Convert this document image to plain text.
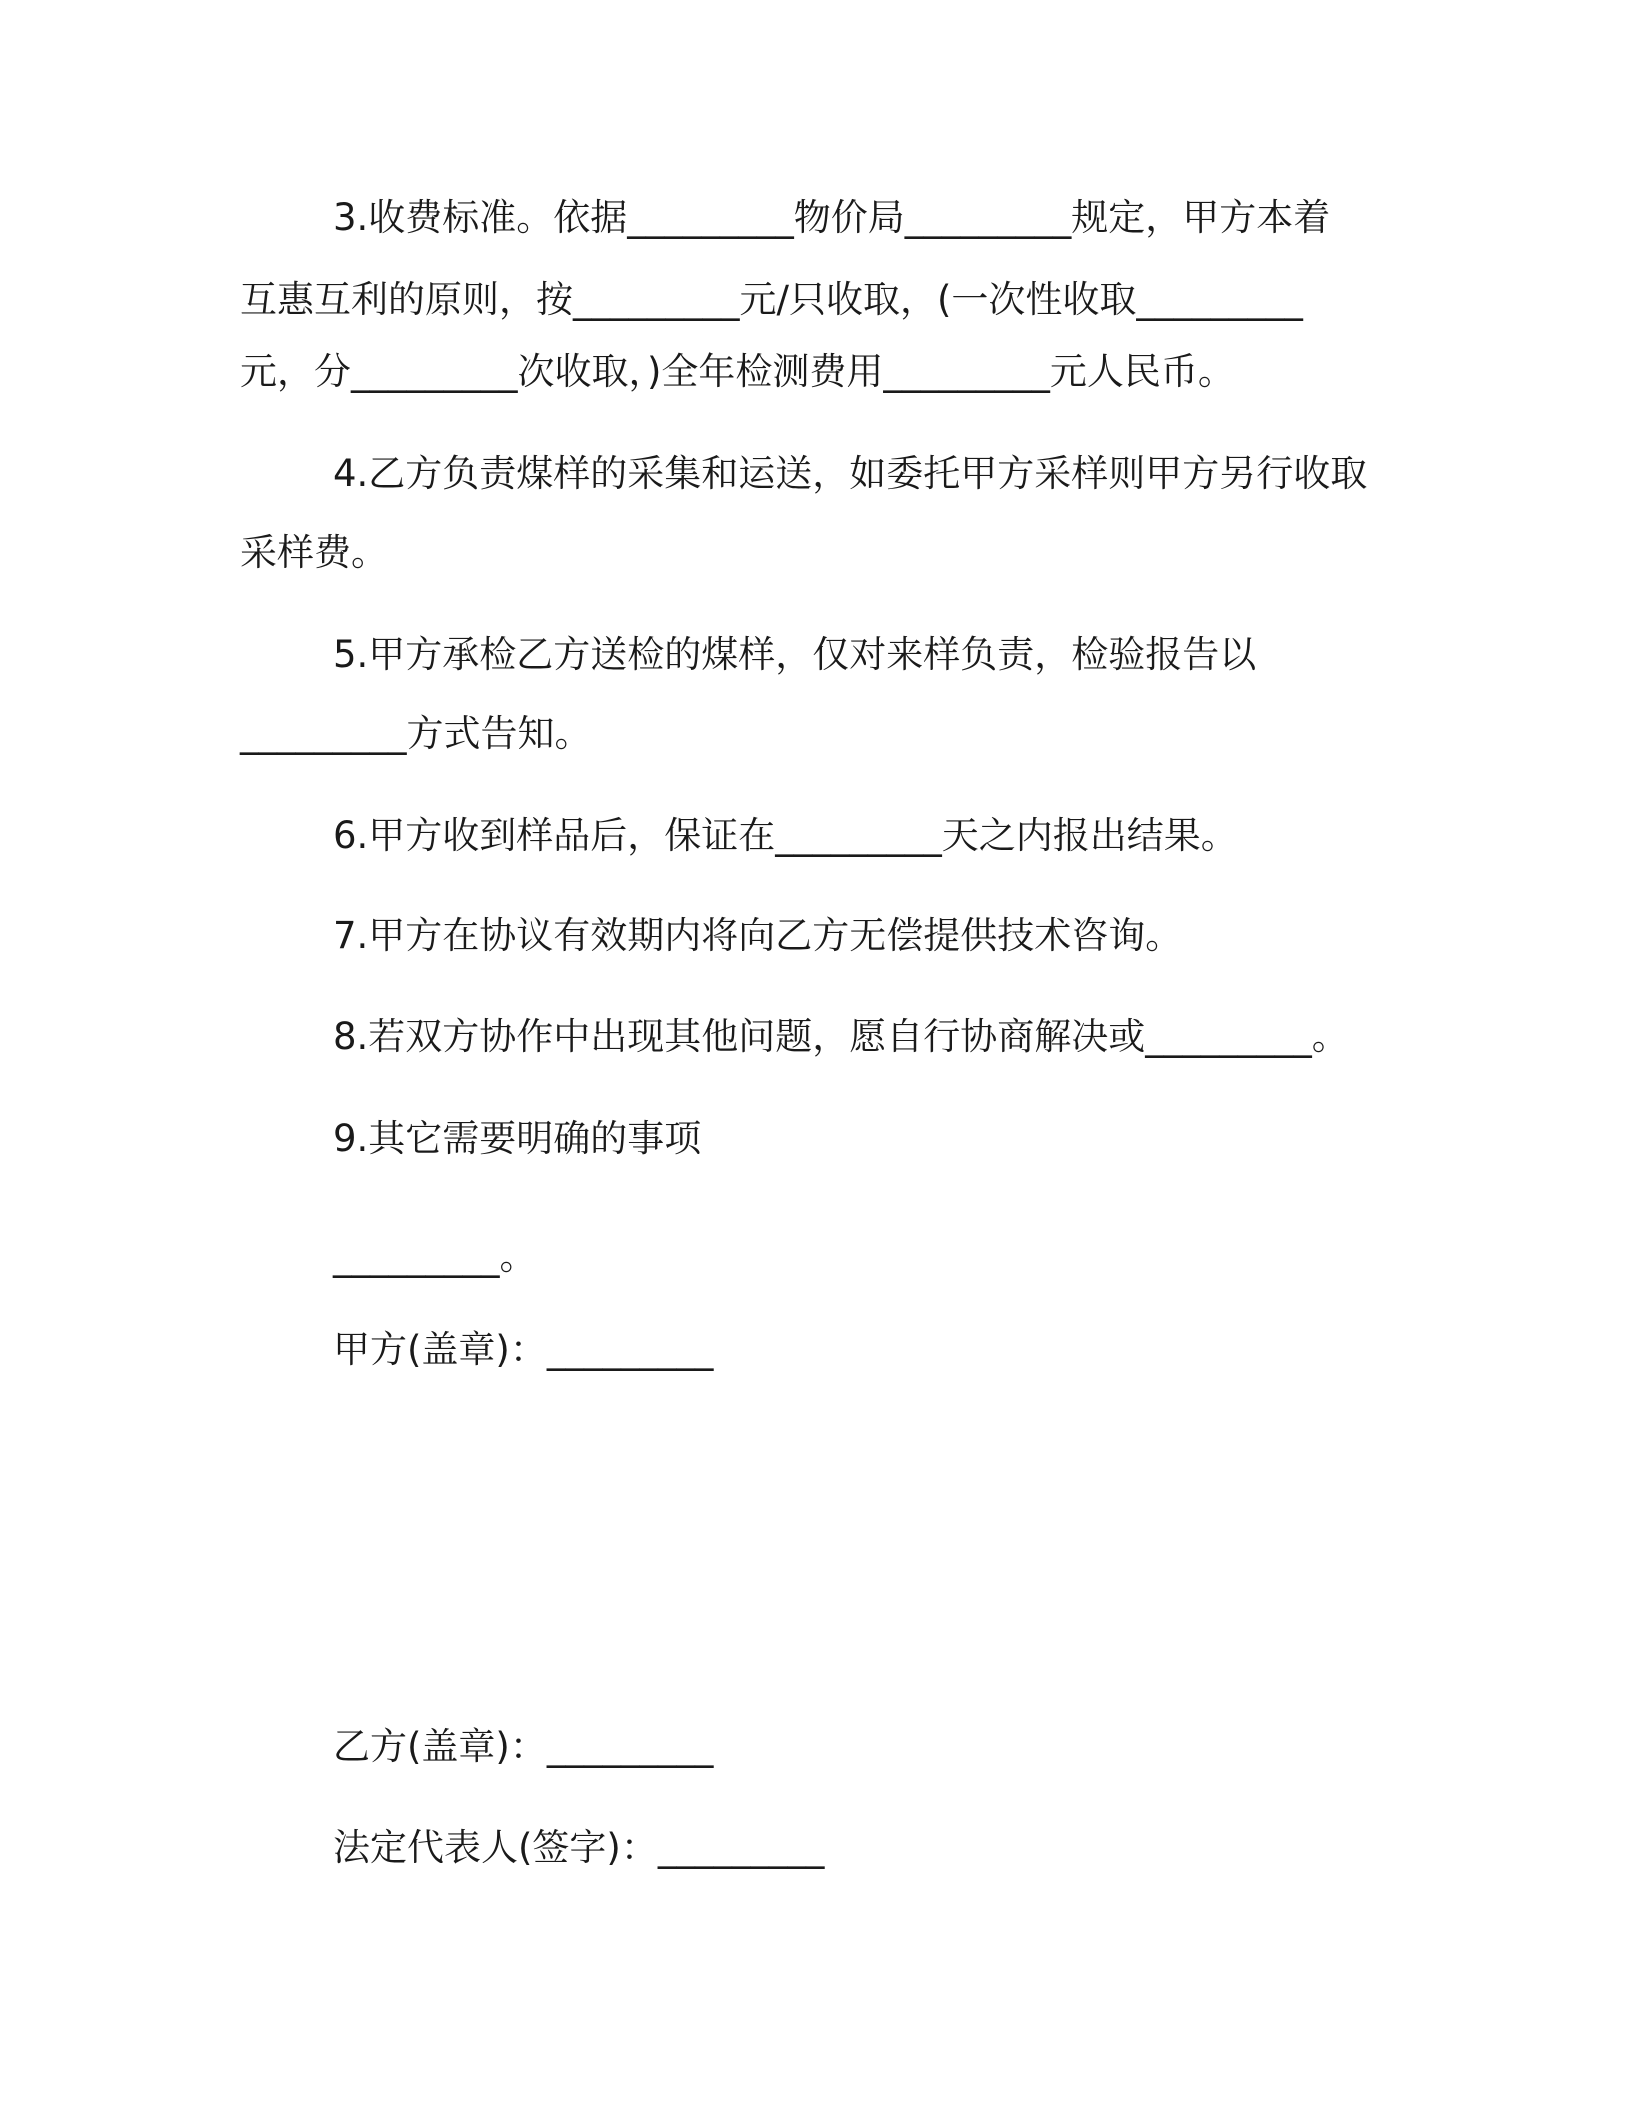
3.收费标准。依据_________物价局_________规定，甲方本着
互惠互利的原则，按_________元/只收取，(一次性收取_________
元，分_________次收取，)全年检测费用_________元人民币。
4.乙方负责煤样的采集和运送，如委托甲方采样则甲方另行收取
采样费。
5.甲方承检乙方送检的煤样，仅对来样负责，检验报告以
_________方式告知。
6.甲方收到样品后，保证在_________天之内报出结果。
7.甲方在协议有效期内将向乙方无偿提供技术咨询。
8.若双方协作中出现其他问题，愿自行协商解决或_________。
9.其它需要明确的事项
_________。
甲方(盖章)：_________
乙方(盖章)：_________
法定代表人(签字)：_________
